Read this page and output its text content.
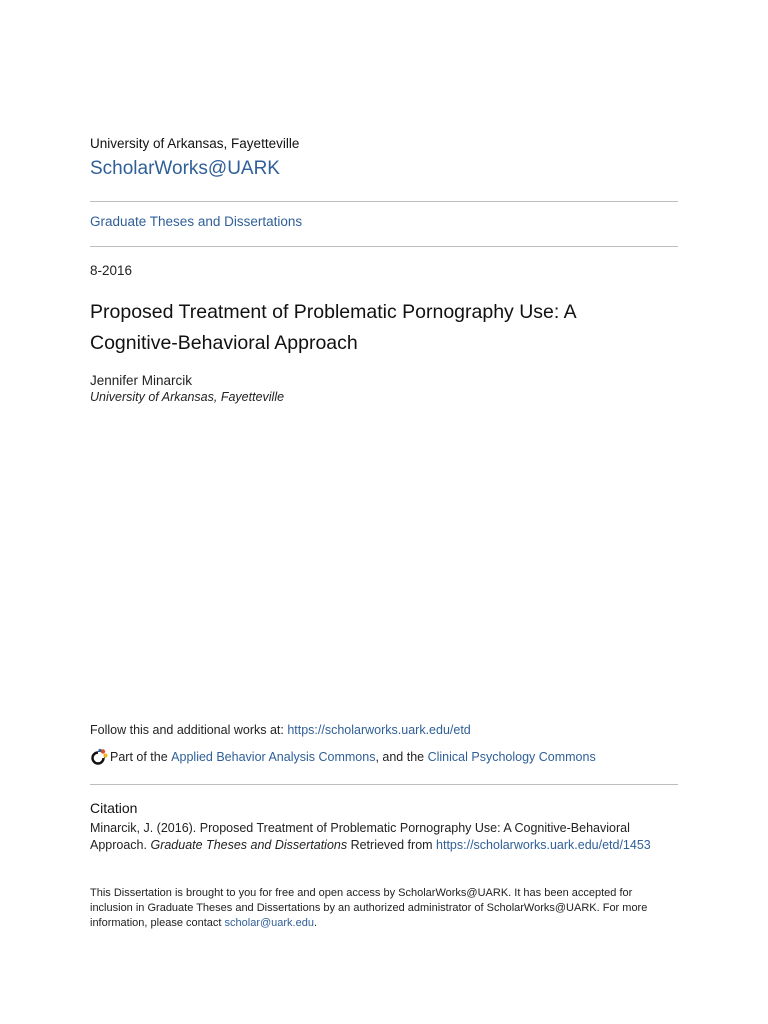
University of Arkansas, Fayetteville
ScholarWorks@UARK
Graduate Theses and Dissertations
8-2016
Proposed Treatment of Problematic Pornography Use: A Cognitive-Behavioral Approach
Jennifer Minarcik
University of Arkansas, Fayetteville
Follow this and additional works at: https://scholarworks.uark.edu/etd
Part of the
Applied Behavior Analysis Commons , and the
Clinical Psychology Commons
Citation
Minarcik, J. (2016). Proposed Treatment of Problematic Pornography Use: A Cognitive-Behavioral Approach. Graduate Theses and Dissertations Retrieved from https://scholarworks.uark.edu/etd/1453
This Dissertation is brought to you for free and open access by ScholarWorks@UARK. It has been accepted for inclusion in Graduate Theses and Dissertations by an authorized administrator of ScholarWorks@UARK. For more information, please contact scholar@uark.edu.
